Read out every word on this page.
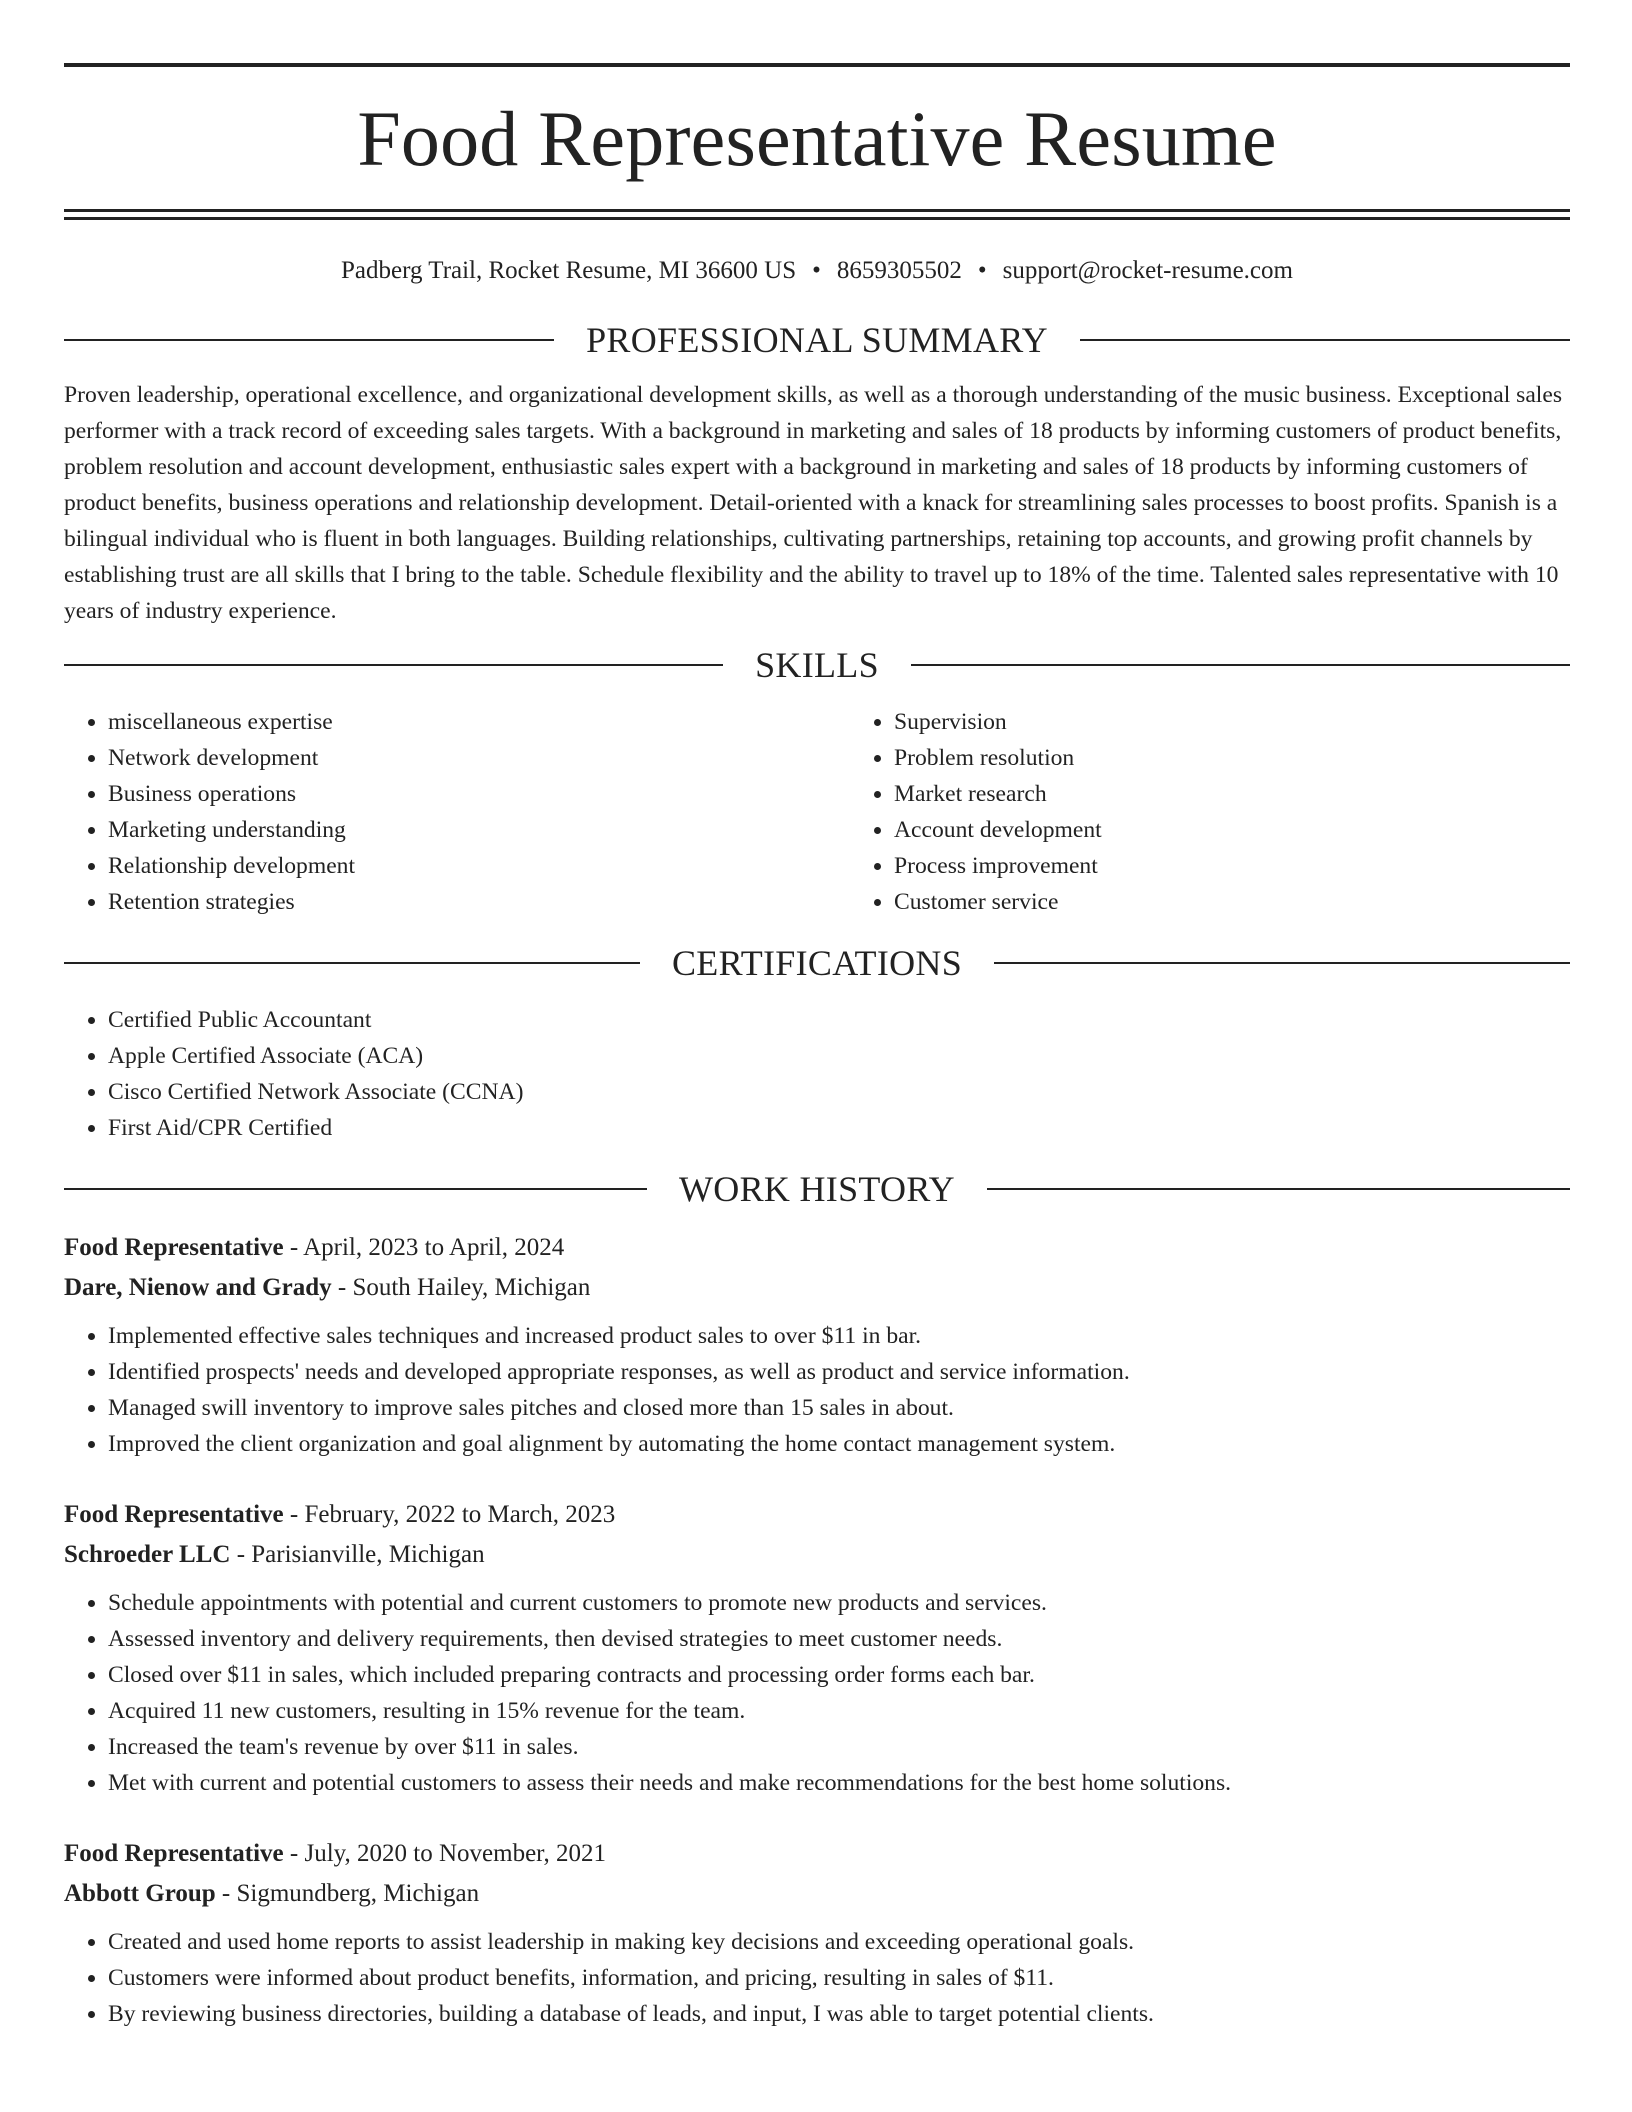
Food Representative Resume
Padberg Trail, Rocket Resume, MI 36600 US • 8659305502 • support@rocket-resume.com
PROFESSIONAL SUMMARY

Proven leadership, operational excellence, and organizational development skills, as well as a thorough understanding of the music business. Exceptional sales performer with a track record of exceeding sales targets. With a background in marketing and sales of 18 products by informing customers of product benefits, problem resolution and account development, enthusiastic sales expert with a background in marketing and sales of 18 products by informing customers of product benefits, business operations and relationship development. Detail-oriented with a knack for streamlining sales processes to boost profits. Spanish is a bilingual individual who is fluent in both languages. Building relationships, cultivating partnerships, retaining top accounts, and growing profit channels by establishing trust are all skills that I bring to the table. Schedule flexibility and the ability to travel up to 18% of the time. Talented sales representative with 10 years of industry experience.

SKILLS
• miscellaneous expertise
• Network development
• Business operations
• Marketing understanding
• Relationship development
• Retention strategies
• Supervision
• Problem resolution
• Market research
• Account development
• Process improvement
• Customer service
CERTIFICATIONS
• Certified Public Accountant
• Apple Certified Associate (ACA)
• Cisco Certified Network Associate (CCNA)
• First Aid/CPR Certified
WORK HISTORY
Food Representative - April, 2023 to April, 2024
Dare, Nienow and Grady - South Hailey, Michigan
• Implemented effective sales techniques and increased product sales to over $11 in bar.
• Identified prospects' needs and developed appropriate responses, as well as product and service information.
• Managed swill inventory to improve sales pitches and closed more than 15 sales in about.
• Improved the client organization and goal alignment by automating the home contact management system.
Food Representative - February, 2022 to March, 2023
Schroeder LLC - Parisianville, Michigan
• Schedule appointments with potential and current customers to promote new products and services.
• Assessed inventory and delivery requirements, then devised strategies to meet customer needs.
• Closed over $11 in sales, which included preparing contracts and processing order forms each bar.
• Acquired 11 new customers, resulting in 15% revenue for the team.
• Increased the team's revenue by over $11 in sales.
• Met with current and potential customers to assess their needs and make recommendations for the best home solutions.
Food Representative - July, 2020 to November, 2021
Abbott Group - Sigmundberg, Michigan
• Created and used home reports to assist leadership in making key decisions and exceeding operational goals.
• Customers were informed about product benefits, information, and pricing, resulting in sales of $11.
• By reviewing business directories, building a database of leads, and input, I was able to target potential clients.
